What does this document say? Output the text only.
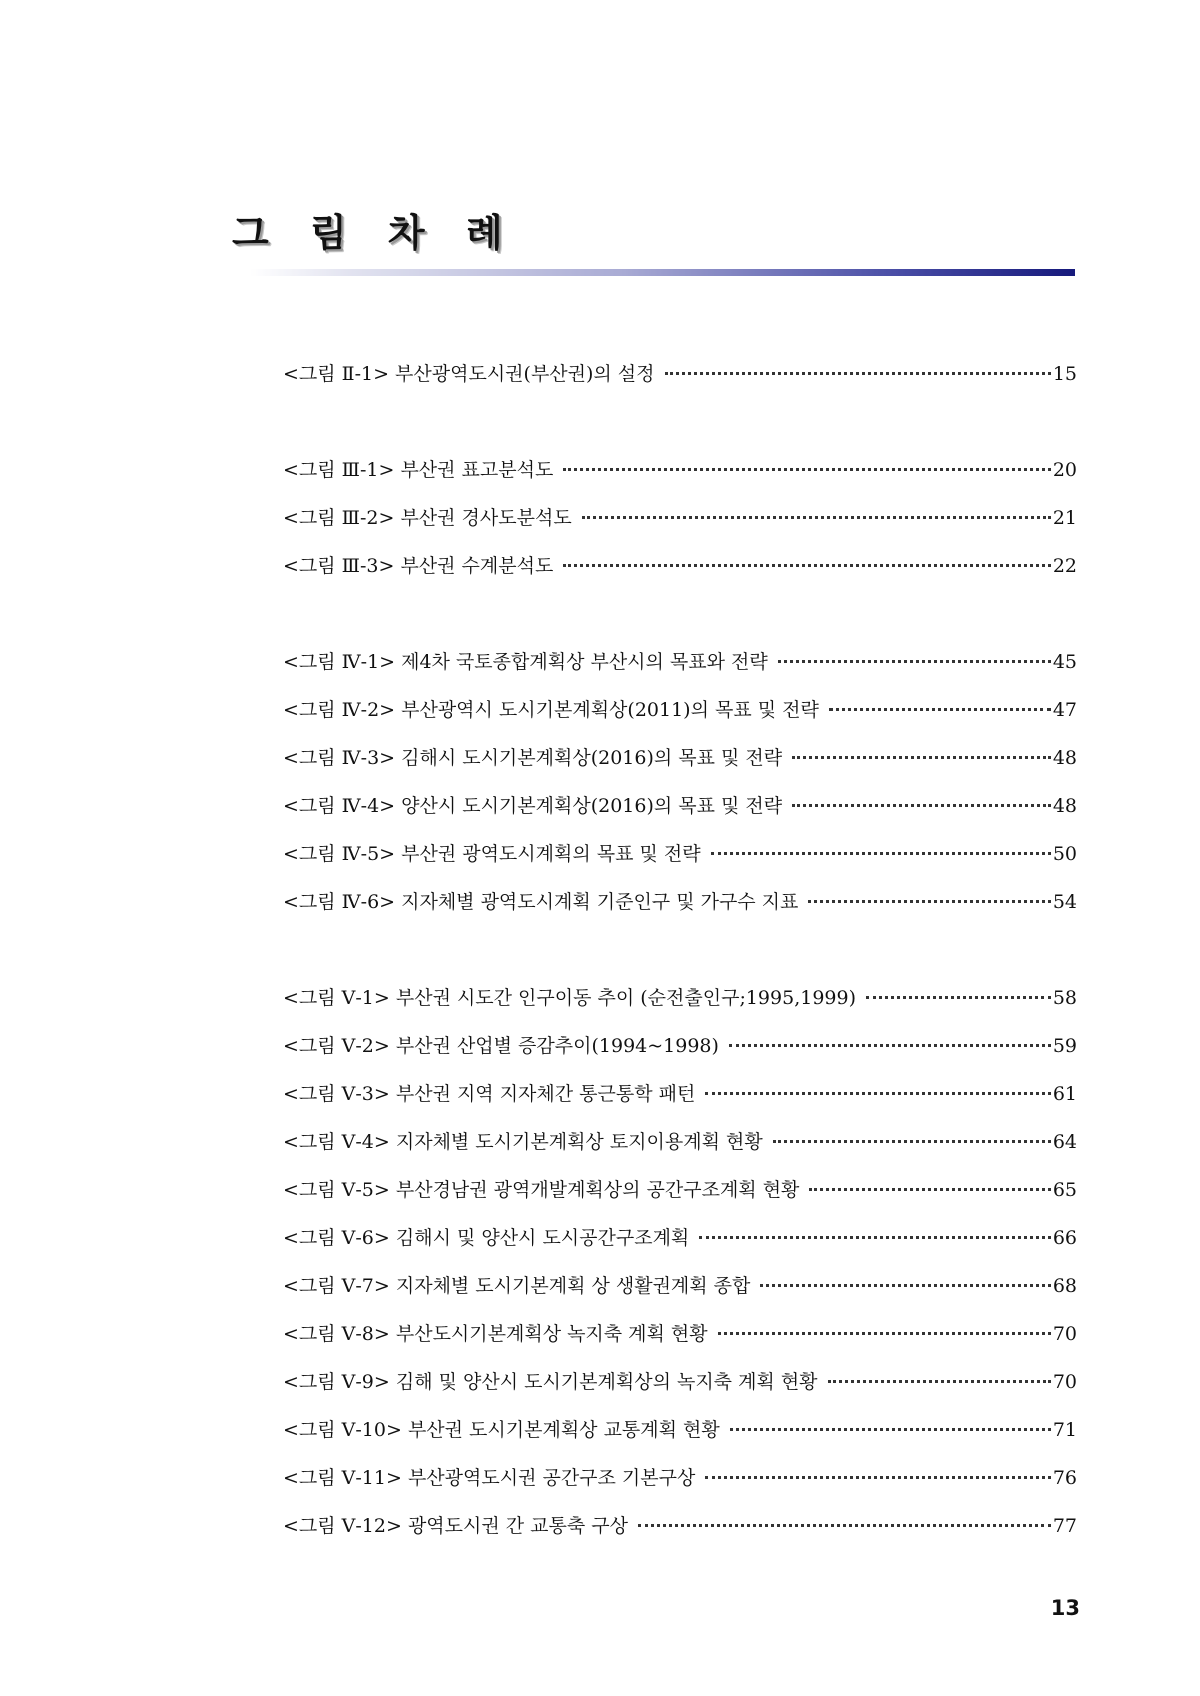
그 림 차 례
<그림 Ⅱ-1> 부산광역도시권(부산권)의 설정	15
<그림 Ⅲ-1> 부산권 표고분석도	20
<그림 Ⅲ-2> 부산권 경사도분석도	21
<그림 Ⅲ-3> 부산권 수계분석도	22
<그림 Ⅳ-1> 제4차 국토종합계획상 부산시의 목표와 전략	45
<그림 Ⅳ-2> 부산광역시 도시기본계획상(2011)의 목표 및 전략	47
<그림 Ⅳ-3> 김해시 도시기본계획상(2016)의 목표 및 전략	48
<그림 Ⅳ-4> 양산시 도시기본계획상(2016)의 목표 및 전략	48
<그림 Ⅳ-5> 부산권 광역도시계획의 목표 및 전략	50
<그림 Ⅳ-6> 지자체별 광역도시계획 기준인구 및 가구수 지표	54
<그림 Ⅴ-1> 부산권 시도간 인구이동 추이 (순전출인구;1995,1999)	58
<그림 Ⅴ-2> 부산권 산업별 증감추이(1994~1998)	59
<그림 Ⅴ-3> 부산권 지역 지자체간 통근통학 패턴	61
<그림 Ⅴ-4> 지자체별 도시기본계획상 토지이용계획 현황	64
<그림 Ⅴ-5> 부산경남권 광역개발계획상의 공간구조계획 현황	65
<그림 Ⅴ-6> 김해시 및 양산시 도시공간구조계획	66
<그림 Ⅴ-7> 지자체별 도시기본계획 상 생활권계획 종합	68
<그림 Ⅴ-8> 부산도시기본계획상 녹지축 계획 현황	70
<그림 Ⅴ-9> 김해 및 양산시 도시기본계획상의 녹지축 계획 현황	70
<그림 Ⅴ-10> 부산권 도시기본계획상 교통계획 현황	71
<그림 Ⅴ-11> 부산광역도시권 공간구조 기본구상	76
<그림 Ⅴ-12> 광역도시권 간 교통축 구상	77
13
